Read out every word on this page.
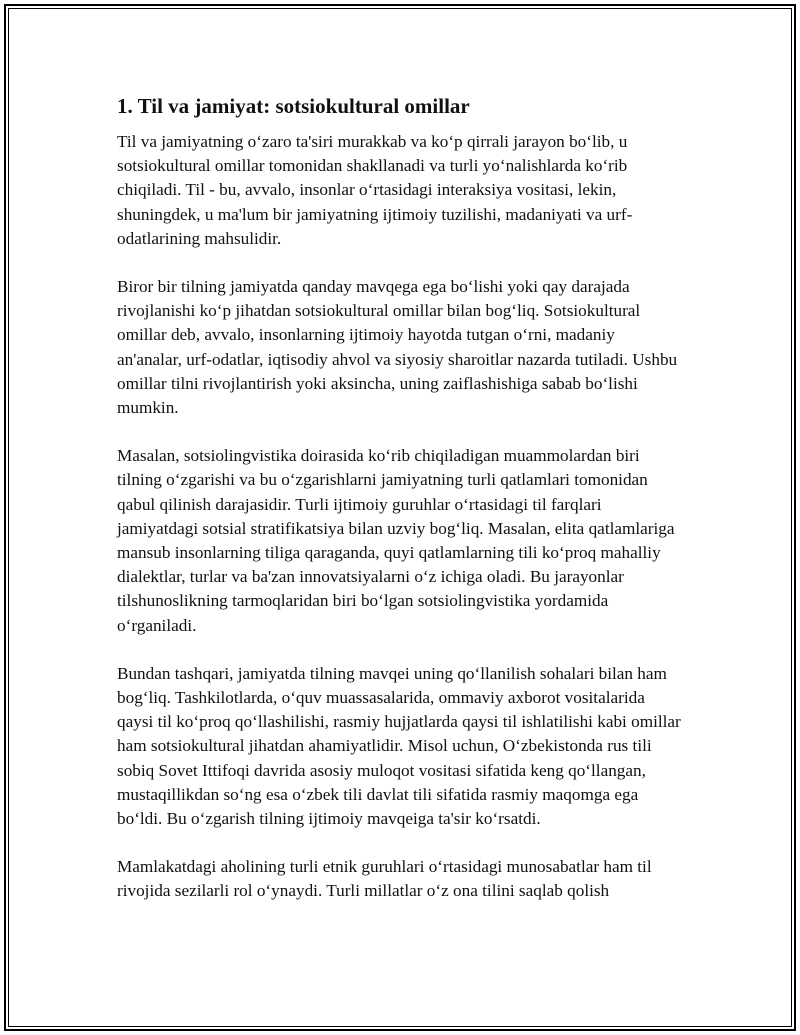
1. Til va jamiyat: sotsiokultural omillar

Til va jamiyatning o‘zaro ta'siri murakkab va ko‘p qirrali jarayon bo‘lib, u sotsiokultural omillar tomonidan shakllanadi va turli yo‘nalishlarda ko‘rib chiqiladi. Til - bu, avvalo, insonlar o‘rtasidagi interaksiya vositasi, lekin, shuningdek, u ma'lum bir jamiyatning ijtimoiy tuzilishi, madaniyati va urf-odatlarining mahsulidir.

Biror bir tilning jamiyatda qanday mavqega ega bo‘lishi yoki qay darajada rivojlanishi ko‘p jihatdan sotsiokultural omillar bilan bog‘liq. Sotsiokultural omillar deb, avvalo, insonlarning ijtimoiy hayotda tutgan o‘rni, madaniy an'analar, urf-odatlar, iqtisodiy ahvol va siyosiy sharoitlar nazarda tutiladi. Ushbu omillar tilni rivojlantirish yoki aksincha, uning zaiflashishiga sabab bo‘lishi mumkin.

Masalan, sotsiolingvistika doirasida ko‘rib chiqiladigan muammolardan biri tilning o‘zgarishi va bu o‘zgarishlarni jamiyatning turli qatlamlari tomonidan qabul qilinish darajasidir. Turli ijtimoiy guruhlar o‘rtasidagi til farqlari jamiyatdagi sotsial stratifikatsiya bilan uzviy bog‘liq. Masalan, elita qatlamlariga mansub insonlarning tiliga qaraganda, quyi qatlamlarning tili ko‘proq mahalliy dialektlar, turlar va ba'zan innovatsiyalarni o‘z ichiga oladi. Bu jarayonlar tilshunoslikning tarmoqlaridan biri bo‘lgan sotsiolingvistika yordamida o‘rganiladi.

Bundan tashqari, jamiyatda tilning mavqei uning qo‘llanilish sohalari bilan ham bog‘liq. Tashkilotlarda, o‘quv muassasalarida, ommaviy axborot vositalarida qaysi til ko‘proq qo‘llashilishi, rasmiy hujjatlarda qaysi til ishlatilishi kabi omillar ham sotsiokultural jihatdan ahamiyatlidir. Misol uchun, O‘zbekistonda rus tili sobiq Sovet Ittifoqi davrida asosiy muloqot vositasi sifatida keng qo‘llangan, mustaqillikdan so‘ng esa o‘zbek tili davlat tili sifatida rasmiy maqomga ega bo‘ldi. Bu o‘zgarish tilning ijtimoiy mavqeiga ta'sir ko‘rsatdi.

Mamlakatdagi aholining turli etnik guruhlari o‘rtasidagi munosabatlar ham til rivojida sezilarli rol o‘ynaydi. Turli millatlar o‘z ona tilini saqlab qolish
